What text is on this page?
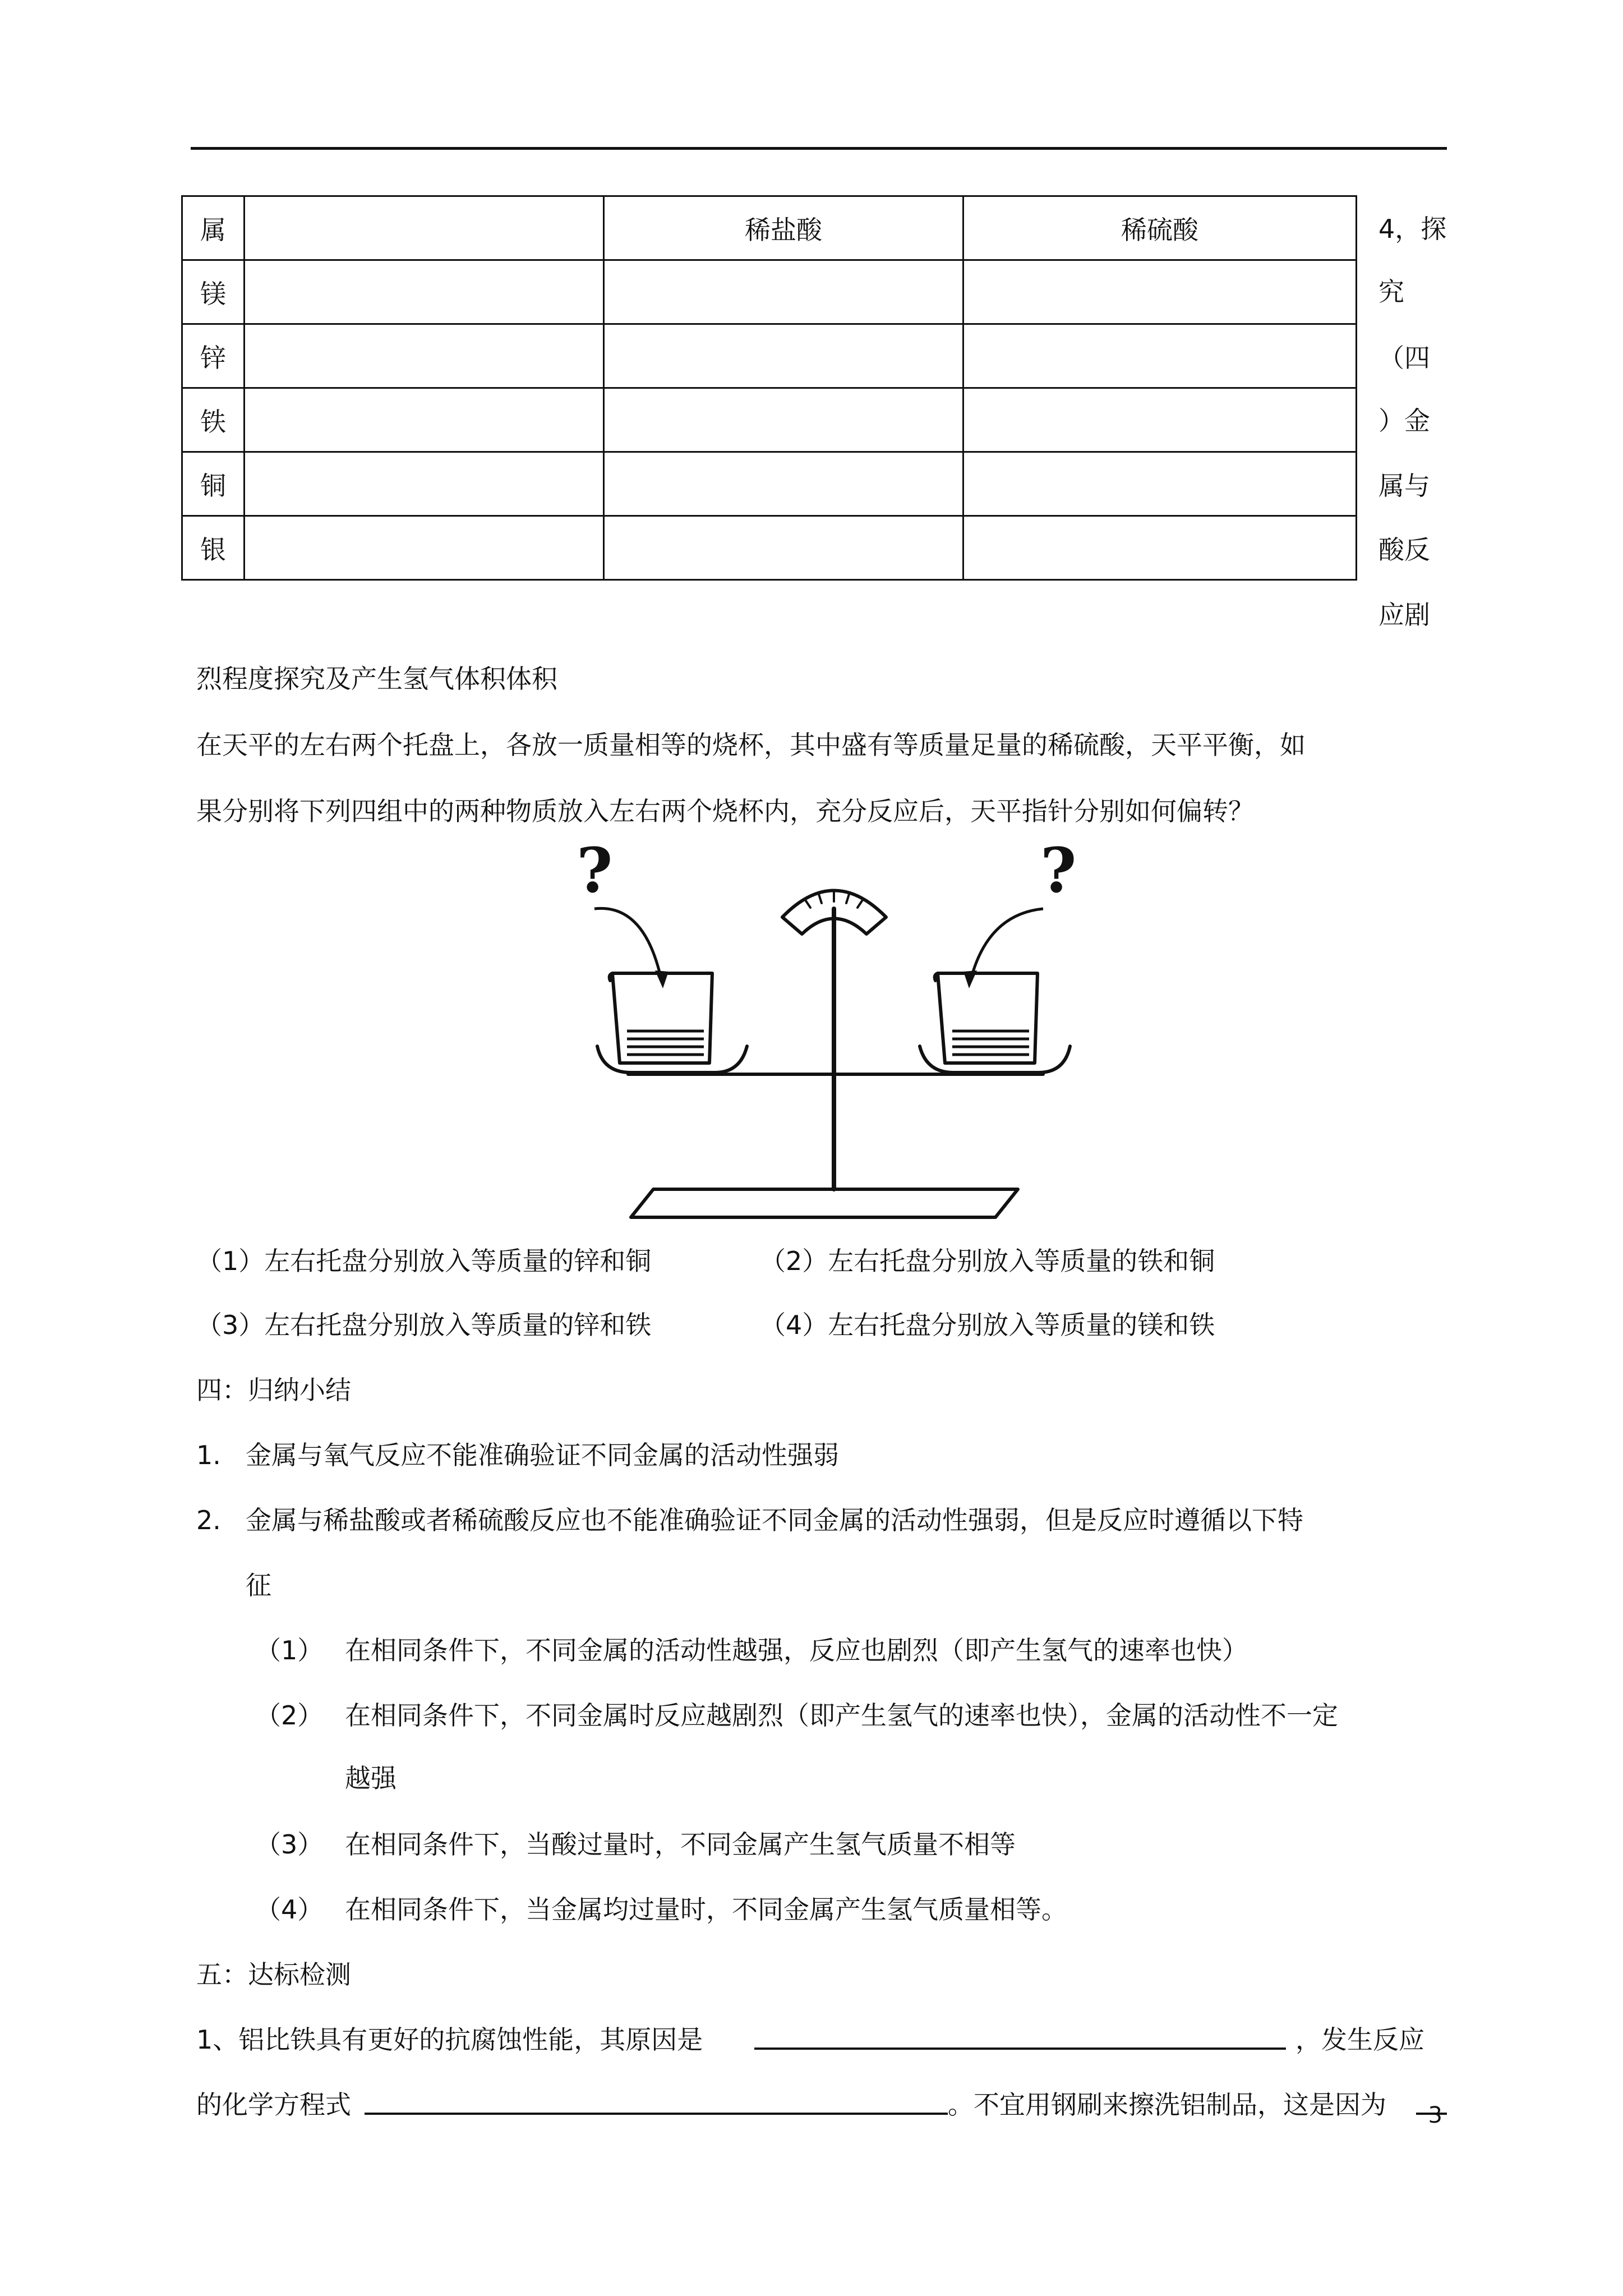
属		稀盐酸	稀硫酸
镁			
锌			
铁			
铜			
银			
4，探
究
（四
）金
属与
酸反
应剧
烈程度探究及产生氢气体积体积
在天平的左右两个托盘上，各放一质量相等的烧杯，其中盛有等质量足量的稀硫酸，天平平衡，如
果分别将下列四组中的两种物质放入左右两个烧杯内，充分反应后，天平指针分别如何偏转？
?	?
（1）左右托盘分别放入等质量的锌和铜	（2）左右托盘分别放入等质量的铁和铜
（3）左右托盘分别放入等质量的锌和铁	（4）左右托盘分别放入等质量的镁和铁
四：归纳小结
1. 金属与氧气反应不能准确验证不同金属的活动性强弱
2. 金属与稀盐酸或者稀硫酸反应也不能准确验证不同金属的活动性强弱，但是反应时遵循以下特
征
（1） 在相同条件下，不同金属的活动性越强，反应也剧烈（即产生氢气的速率也快）
（2） 在相同条件下，不同金属时反应越剧烈（即产生氢气的速率也快），金属的活动性不一定
越强
（3） 在相同条件下，当酸过量时，不同金属产生氢气质量不相等
（4） 在相同条件下，当金属均过量时，不同金属产生氢气质量相等。
五：达标检测
1、铝比铁具有更好的抗腐蚀性能，其原因是	，发生反应
的化学方程式	。不宜用钢刷来擦洗铝制品，这是因为 3
